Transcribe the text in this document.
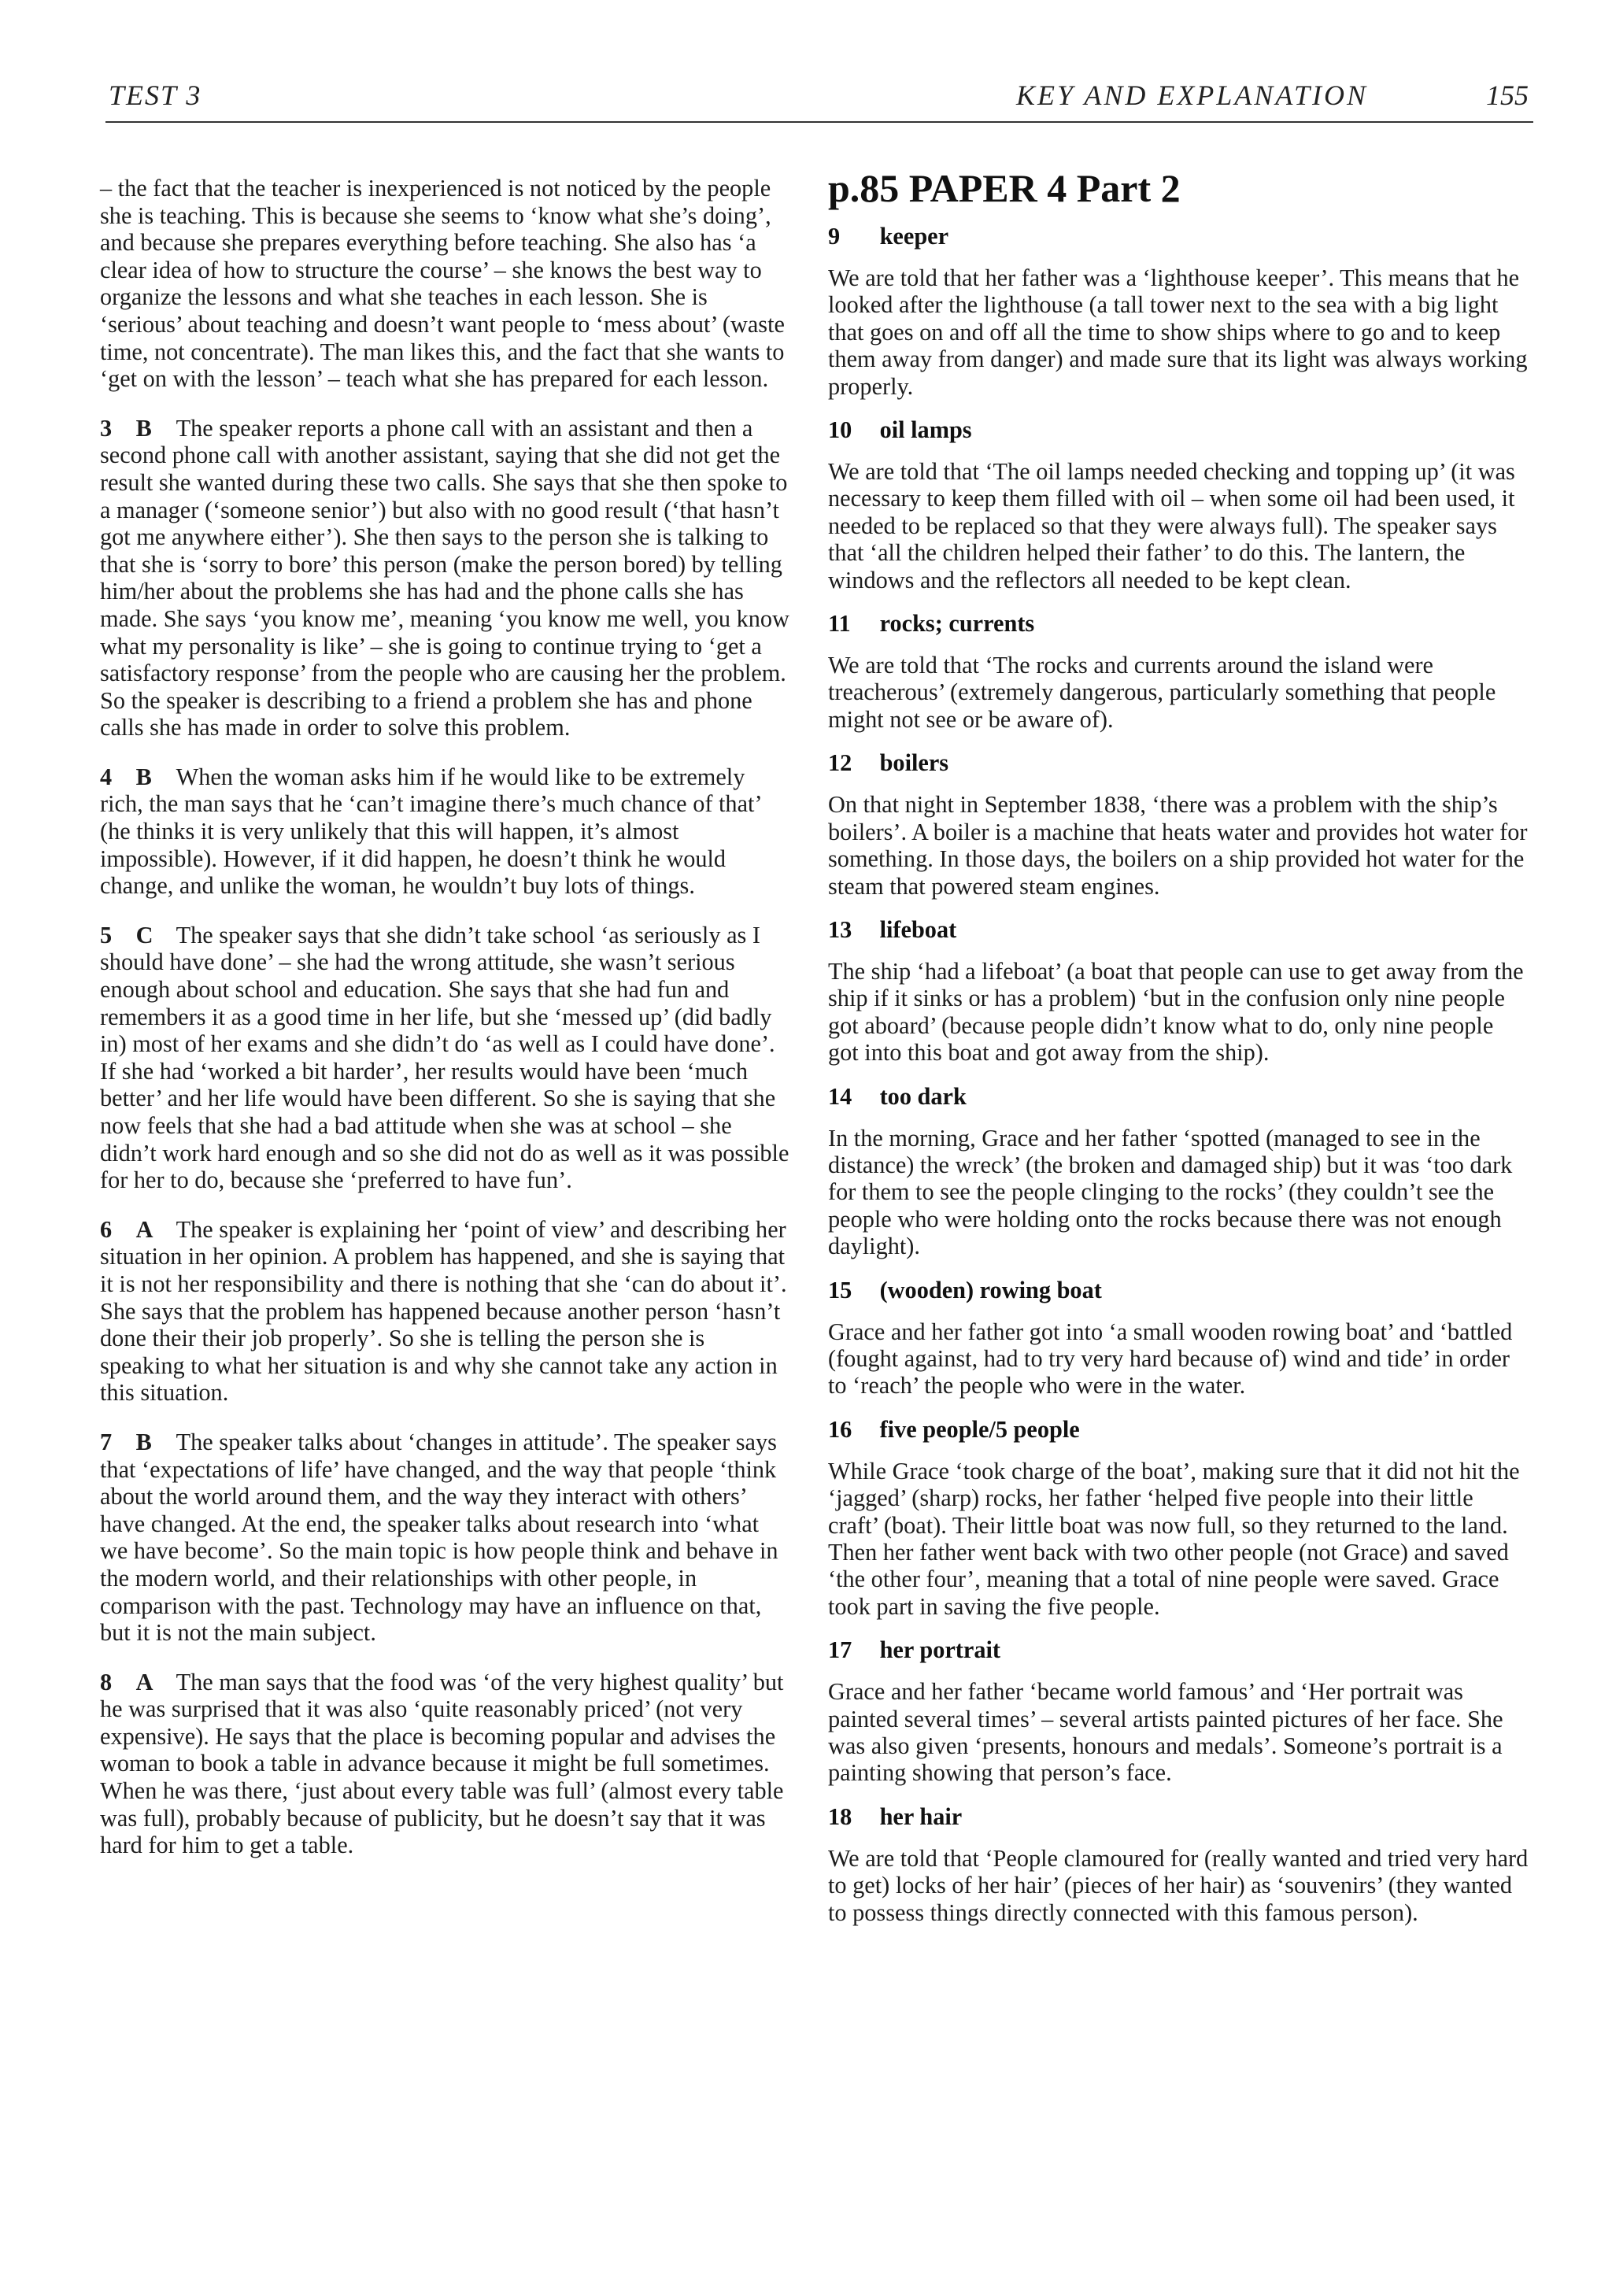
TEST 3	KEY AND EXPLANATION	155

– the fact that the teacher is inexperienced is not noticed by the people she is teaching. This is because she seems to ‘know what she’s doing’, and because she prepares everything before teaching. She also has ‘a clear idea of how to structure the course’ – she knows the best way to organize the lessons and what she teaches in each lesson. She is ‘serious’ about teaching and doesn’t want people to ‘mess about’ (waste time, not concentrate). The man likes this, and the fact that she wants to ‘get on with the lesson’ – teach what she has prepared for each lesson.

3 B The speaker reports a phone call with an assistant and then a second phone call with another assistant, saying that she did not get the result she wanted during these two calls. She says that she then spoke to a manager (‘someone senior’) but also with no good result (‘that hasn’t got me anywhere either’). She then says to the person she is talking to that she is ‘sorry to bore’ this person (make the person bored) by telling him/her about the problems she has had and the phone calls she has made. She says ‘you know me’, meaning ‘you know me well, you know what my personality is like’ – she is going to continue trying to ‘get a satisfactory response’ from the people who are causing her the problem. So the speaker is describing to a friend a problem she has and phone calls she has made in order to solve this problem.

4 B When the woman asks him if he would like to be extremely rich, the man says that he ‘can’t imagine there’s much chance of that’ (he thinks it is very unlikely that this will happen, it’s almost impossible). However, if it did happen, he doesn’t think he would change, and unlike the woman, he wouldn’t buy lots of things.

5 C The speaker says that she didn’t take school ‘as seriously as I should have done’ – she had the wrong attitude, she wasn’t serious enough about school and education. She says that she had fun and remembers it as a good time in her life, but she ‘messed up’ (did badly in) most of her exams and she didn’t do ‘as well as I could have done’. If she had ‘worked a bit harder’, her results would have been ‘much better’ and her life would have been different. So she is saying that she now feels that she had a bad attitude when she was at school – she didn’t work hard enough and so she did not do as well as it was possible for her to do, because she ‘preferred to have fun’.

6 A The speaker is explaining her ‘point of view’ and describing her situation in her opinion. A problem has happened, and she is saying that it is not her responsibility and there is nothing that she ‘can do about it’. She says that the problem has happened because another person ‘hasn’t done their their job properly’. So she is telling the person she is speaking to what her situation is and why she cannot take any action in this situation.

7 B The speaker talks about ‘changes in attitude’. The speaker says that ‘expectations of life’ have changed, and the way that people ‘think about the world around them, and the way they interact with others’ have changed. At the end, the speaker talks about research into ‘what we have become’. So the main topic is how people think and behave in the modern world, and their relationships with other people, in comparison with the past. Technology may have an influence on that, but it is not the main subject.

8 A The man says that the food was ‘of the very highest quality’ but he was surprised that it was also ‘quite reasonably priced’ (not very expensive). He says that the place is becoming popular and advises the woman to book a table in advance because it might be full sometimes. When he was there, ‘just about every table was full’ (almost every table was full), probably because of publicity, but he doesn’t say that it was hard for him to get a table.

p.85 PAPER 4 Part 2
9 keeper

We are told that her father was a ‘lighthouse keeper’. This means that he looked after the lighthouse (a tall tower next to the sea with a big light that goes on and off all the time to show ships where to go and to keep them away from danger) and made sure that its light was always working properly.

10 oil lamps

We are told that ‘The oil lamps needed checking and topping up’ (it was necessary to keep them filled with oil – when some oil had been used, it needed to be replaced so that they were always full). The speaker says that ‘all the children helped their father’ to do this. The lantern, the windows and the reflectors all needed to be kept clean.

11 rocks; currents

We are told that ‘The rocks and currents around the island were treacherous’ (extremely dangerous, particularly something that people might not see or be aware of).

12 boilers

On that night in September 1838, ‘there was a problem with the ship’s boilers’. A boiler is a machine that heats water and provides hot water for something. In those days, the boilers on a ship provided hot water for the steam that powered steam engines.

13 lifeboat

The ship ‘had a lifeboat’ (a boat that people can use to get away from the ship if it sinks or has a problem) ‘but in the confusion only nine people got aboard’ (because people didn’t know what to do, only nine people got into this boat and got away from the ship).

14 too dark

In the morning, Grace and her father ‘spotted (managed to see in the distance) the wreck’ (the broken and damaged ship) but it was ‘too dark for them to see the people clinging to the rocks’ (they couldn’t see the people who were holding onto the rocks because there was not enough daylight).

15 (wooden) rowing boat

Grace and her father got into ‘a small wooden rowing boat’ and ‘battled (fought against, had to try very hard because of) wind and tide’ in order to ‘reach’ the people who were in the water.

16 five people/5 people

While Grace ‘took charge of the boat’, making sure that it did not hit the ‘jagged’ (sharp) rocks, her father ‘helped five people into their little craft’ (boat). Their little boat was now full, so they returned to the land. Then her father went back with two other people (not Grace) and saved ‘the other four’, meaning that a total of nine people were saved. Grace took part in saving the five people.

17 her portrait

Grace and her father ‘became world famous’ and ‘Her portrait was painted several times’ – several artists painted pictures of her face. She was also given ‘presents, honours and medals’. Someone’s portrait is a painting showing that person’s face.

18 her hair

We are told that ‘People clamoured for (really wanted and tried very hard to get) locks of her hair’ (pieces of her hair) as ‘souvenirs’ (they wanted to possess things directly connected with this famous person).
